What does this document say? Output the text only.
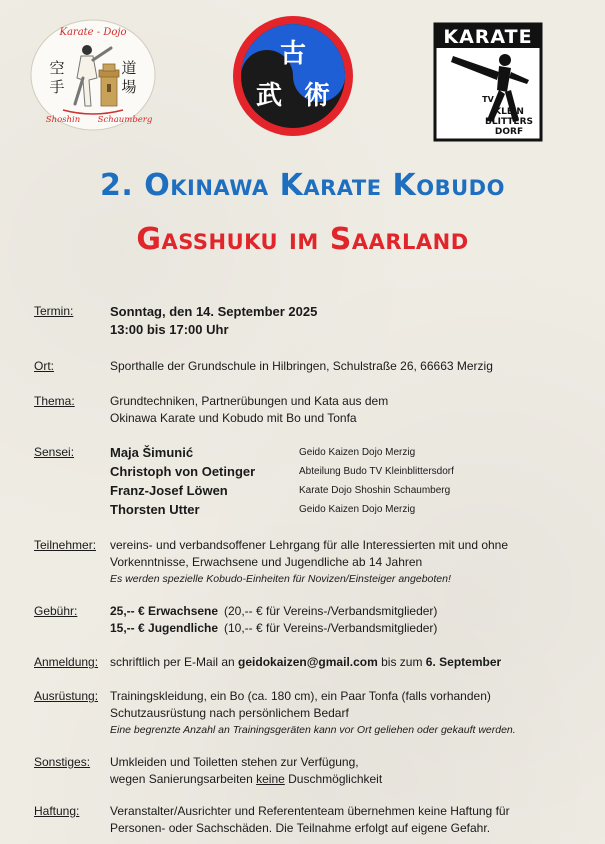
Karate - Dojo
空
手
道
場
Shoshin Schaumberg
古
武 術
KARATE
TV
KLEIN
BLITTERS
DORF
2. Okinawa Karate Kobudo
Gasshuku im Saarland
Termin:	Sonntag, den 14. September 2025
13:00 bis 17:00 Uhr
Ort:	Sporthalle der Grundschule in Hilbringen, Schulstraße 26, 66663 Merzig
Thema:	Grundtechniken, Partnerübungen und Kata aus dem
Okinawa Karate und Kobudo mit Bo und Tonfa
Sensei:	Maja Šimunić	Geido Kaizen Dojo Merzig
Christoph von Oetinger	Abteilung Budo TV Kleinblittersdorf
Franz-Josef Löwen	Karate Dojo Shoshin Schaumberg
Thorsten Utter	Geido Kaizen Dojo Merzig
Teilnehmer: vereins- und verbandsoffener Lehrgang für alle Interessierten mit und ohne
Vorkenntnisse, Erwachsene und Jugendliche ab 14 Jahren
Es werden spezielle Kobudo-Einheiten für Novizen/Einsteiger angeboten!
Gebühr:	25,-- € Erwachsene (20,-- € für Vereins-/Verbandsmitglieder)
15,-- € Jugendliche (10,-- € für Vereins-/Verbandsmitglieder)
Anmeldung: schriftlich per E-Mail an geidokaizen@gmail.com bis zum 6. September
Ausrüstung: Trainingskleidung, ein Bo (ca. 180 cm), ein Paar Tonfa (falls vorhanden)
Schutzausrüstung nach persönlichem Bedarf
Eine begrenzte Anzahl an Trainingsgeräten kann vor Ort geliehen oder gekauft werden.
Sonstiges: Umkleiden und Toiletten stehen zur Verfügung,
wegen Sanierungsarbeiten keine Duschmöglichkeit
Haftung:	Veranstalter/Ausrichter und Referententeam übernehmen keine Haftung für
Personen- oder Sachschäden. Die Teilnahme erfolgt auf eigene Gefahr.
